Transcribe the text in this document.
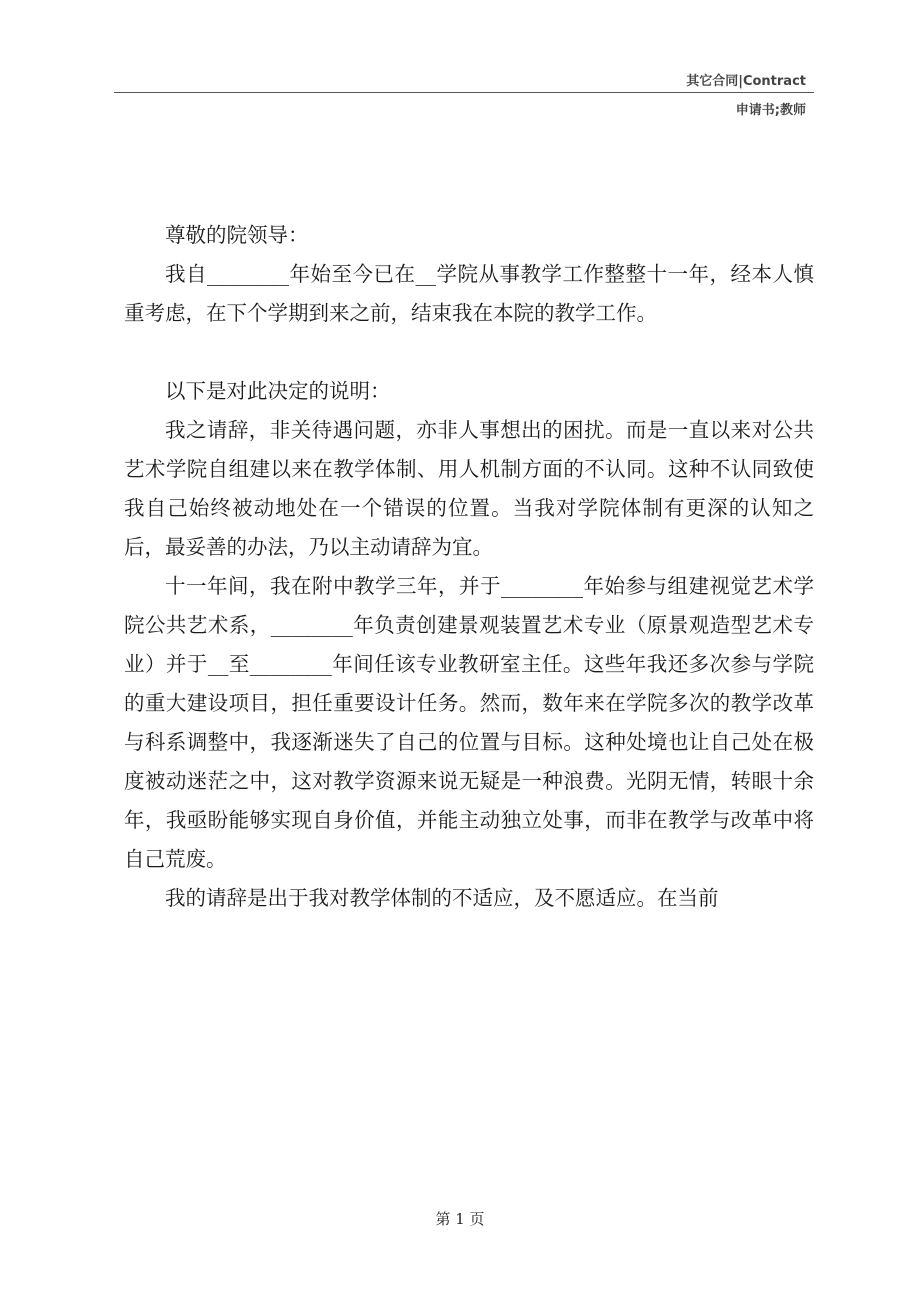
其它合同|Contract
申请书;教师

尊敬的院领导：

我自________年始至今已在__学院从事教学工作整整十一年，经本人慎重考虑，在下个学期到来之前，结束我在本院的教学工作。

以下是对此决定的说明：

我之请辞，非关待遇问题，亦非人事想出的困扰。而是一直以来对公共艺术学院自组建以来在教学体制、用人机制方面的不认同。这种不认同致使我自己始终被动地处在一个错误的位置。当我对学院体制有更深的认知之后，最妥善的办法，乃以主动请辞为宜。

十一年间，我在附中教学三年，并于________年始参与组建视觉艺术学院公共艺术系，________年负责创建景观装置艺术专业（原景观造型艺术专业）并于__至________年间任该专业教研室主任。这些年我还多次参与学院的重大建设项目，担任重要设计任务。然而，数年来在学院多次的教学改革与科系调整中，我逐渐迷失了自己的位置与目标。这种处境也让自己处在极度被动迷茫之中，这对教学资源来说无疑是一种浪费。光阴无情，转眼十余年，我亟盼能够实现自身价值，并能主动独立处事，而非在教学与改革中将自己荒废。

我的请辞是出于我对教学体制的不适应，及不愿适应。在当前

第 1 页
